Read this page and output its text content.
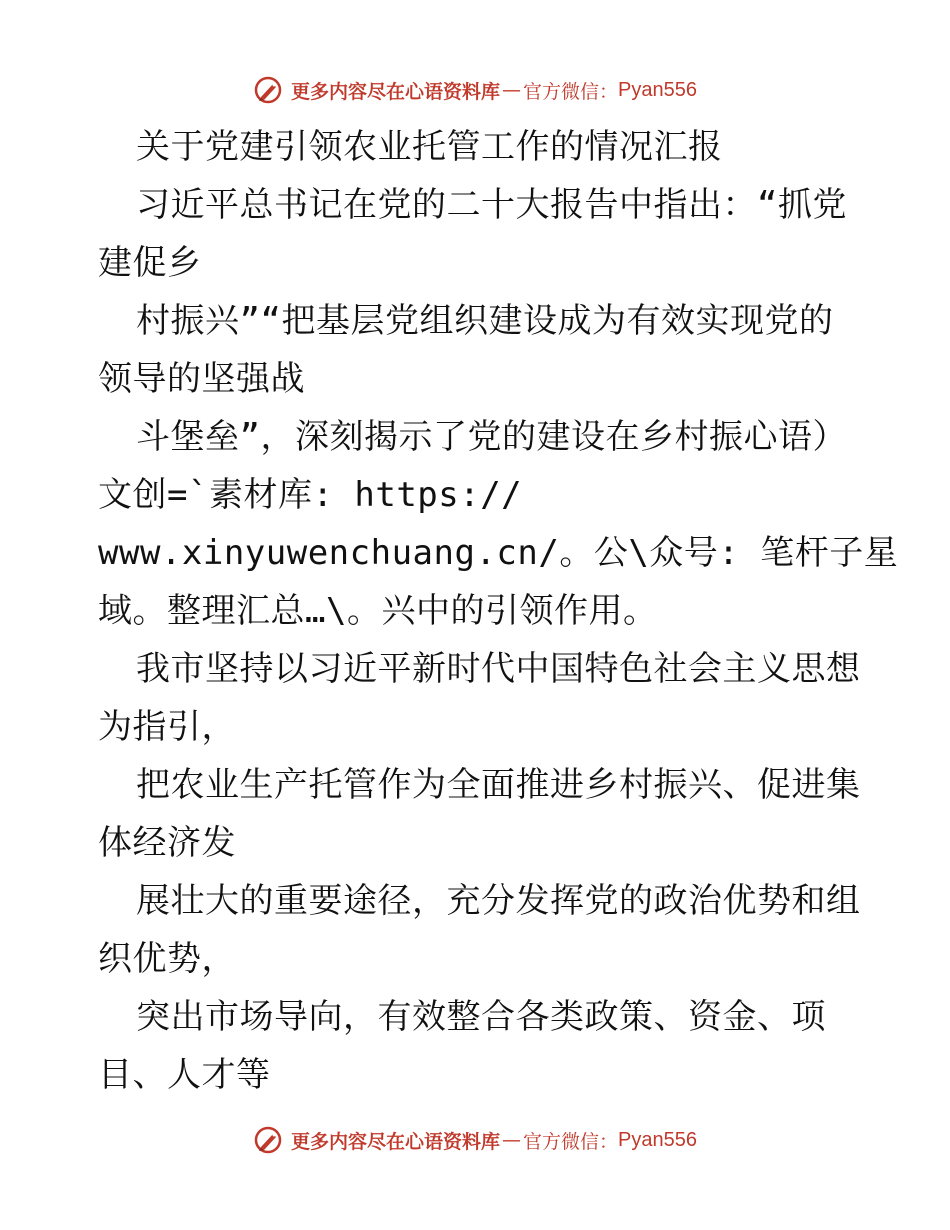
更多内容尽在心语资料库 — 官方微信： Pyan556
关于党建引领农业托管工作的情况汇报
习近平总书记在党的二十大报告中指出：“抓党
建促乡
村振兴”“把基层党组织建设成为有效实现党的
领导的坚强战
斗堡垒”，深刻揭示了党的建设在乡村振心语）
文创=`素材库: https://
www.xinyuwenchuang.cn/。公\众号: 笔杆子星
域。整理汇总…\。兴中的引领作用。
我市坚持以习近平新时代中国特色社会主义思想
为指引，
把农业生产托管作为全面推进乡村振兴、促进集
体经济发
展壮大的重要途径，充分发挥党的政治优势和组
织优势，
突出市场导向，有效整合各类政策、资金、项
目、人才等
更多内容尽在心语资料库 — 官方微信： Pyan556
